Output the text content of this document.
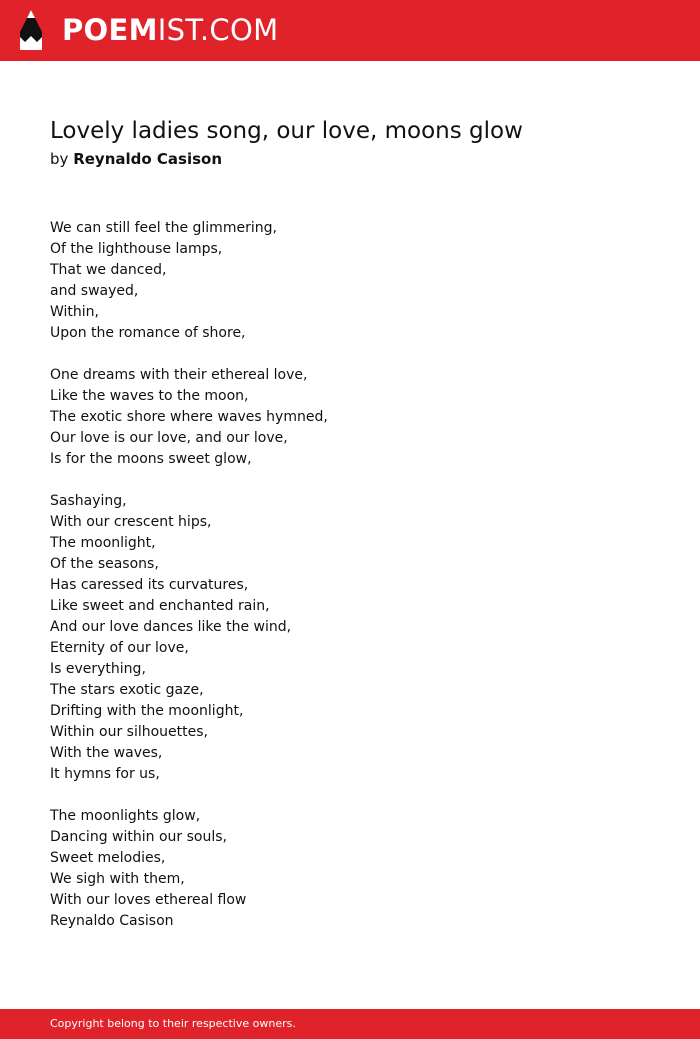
POEMIST.COM
Lovely ladies song, our love, moons glow
by Reynaldo Casison
We can still feel the glimmering,
Of the lighthouse lamps,
That we danced,
and swayed,
Within,
Upon the romance of shore,
One dreams with their ethereal love,
Like the waves to the moon,
The exotic shore where waves hymned,
Our love is our love, and our love,
Is for the moons sweet glow,
Sashaying,
With our crescent hips,
The moonlight,
Of the seasons,
Has caressed its curvatures,
Like sweet and enchanted rain,
And our love dances like the wind,
Eternity of our love,
Is everything,
The stars exotic gaze,
Drifting with the moonlight,
Within our silhouettes,
With the waves,
It hymns for us,
The moonlights glow,
Dancing within our souls,
Sweet melodies,
We sigh with them,
With our loves ethereal flow
Reynaldo Casison
Copyright belong to their respective owners.
